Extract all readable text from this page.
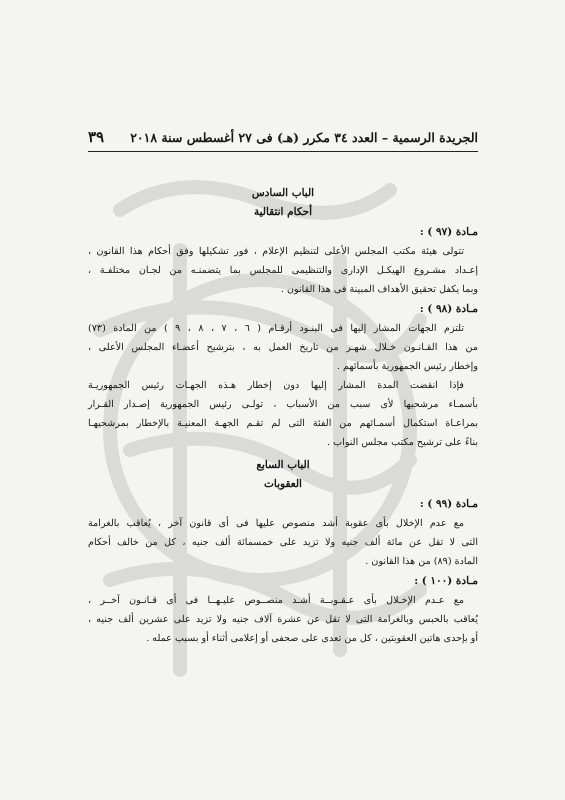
الجريدة الرسمية – العدد ٣٤ مكرر (هـ) فى ٢٧ أغسطس سنة ٢٠١٨
٣٩
الباب السادس
أحكام انتقالية
مـادة (٩٧ ) :
تتولى هيئة مكتب المجلس الأعلى لتنظيم الإعلام ، فور تشكيلها وفق أحكام هذا القانون ،
إعـداد مشـروع الهيكـل الإدارى والتنظيمى للمجلس بما يتضمنـه من لجـان مختلفـة ،
وبما يكفل تحقيق الأهداف المبينة فى هذا القانون .
مـادة (٩٨ ) :
تلتزم الجهات المشار إليها فى البنـود أرقـام ( ٦ ، ٧ ، ٨ ، ٩ ) من المادة (٧٣)
من هذا القـانـون خـلال شهـر من تاريخ العمل به ، بترشيح أعضـاء المجلس الأعلى ،
وإخطار رئيس الجمهورية بأسمائهم .
فإذا انقضت المدة المشار إليها دون إخطار هـذه الجهـات رئيس الجمهوريـة
بأسمـاء مرشحيها لأى سبب من الأسباب ، تولـى رئيس الجمهورية إصـدار القـرار
بمراعـاة استكمال أسمـائهم من الفئة التى لم تقـم الجهـة المعنيـة بالإخطار بمرشحيهـا
بناءً على ترشيح مكتب مجلس النواب .
الباب السابع
العقوبات
مـادة (٩٩ ) :
مع عدم الإخلال بأى عقوبة أشد منصوص عليها فى أى قانون آخر ، يُعاقب بالغرامة
التى لا تقل عن مائة ألف جنيه ولا تزيد على خمسمائة ألف جنيه ، كل من خالف أحكام
المادة (٨٩) من هذا القانون .
مـادة (١٠٠ ) :
مع عـدم الإخـلال بأى عـقـوبــة أشـد منصــوص عليـهــا فى أى قـانـون آخــر ،
يُعاقب بالحبس وبالغرامة التى لا تقل عن عشرة آلاف جنيه ولا تزيد على عشرين ألف جنيه ،
أو بإحدى هاتين العقوبتين ، كل من تعدى على صحفى أو إعلامى أثناء أو بسبب عمله .
